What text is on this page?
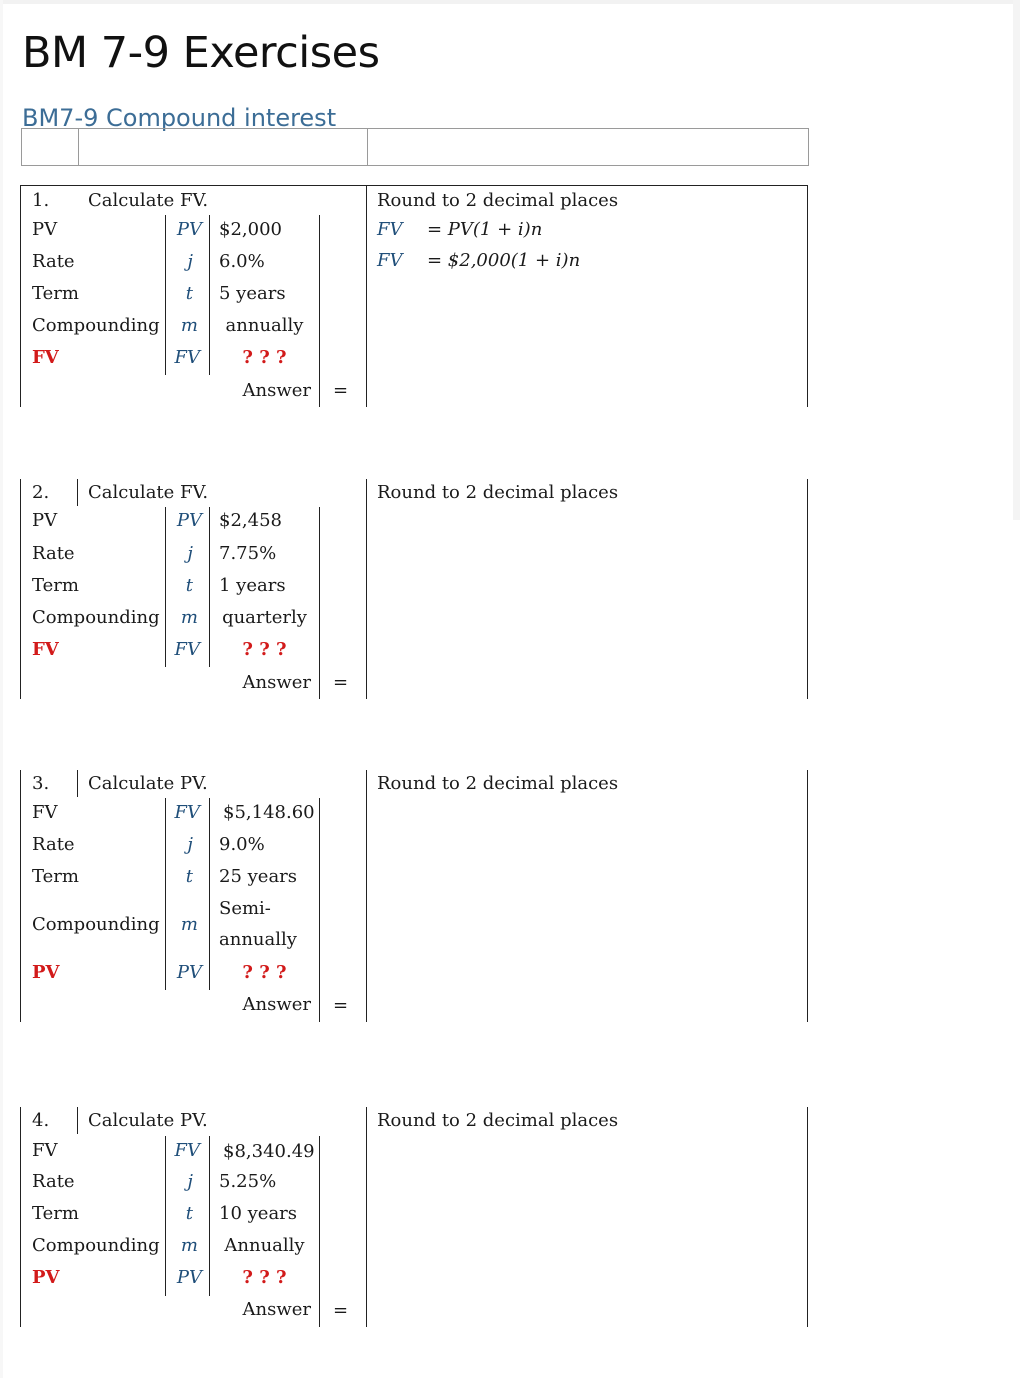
BM 7-9 Exercises
BM7-9 Compound interest
1. Calculate FV.	Round to 2 decimal places
PV	PV $2,000
Rate	j 6.0%
Term	t 5 years
Compounding	m	annually
FV	FV	? ? ?
Answer =
FV = PV(1 + i)n
FV = $2,000(1 + i)n
2. Calculate FV.	Round to 2 decimal places
PV	PV $2,458
Rate	j 7.75%
Term	t 1 years
Compounding	m	quarterly
FV	FV	? ? ?
Answer =
3. Calculate PV.	Round to 2 decimal places
FV	FV $5,148.60
Rate	j 9.0%
Term	t 25 years
Compounding	m
Semi-
annually
PV	PV	? ? ?
Answer =
4. Calculate PV.	Round to 2 decimal places
FV	FV $8,340.49
Rate	j 5.25%
Term	t 10 years
Compounding	m	Annually
PV	PV	? ? ?
Answer =
